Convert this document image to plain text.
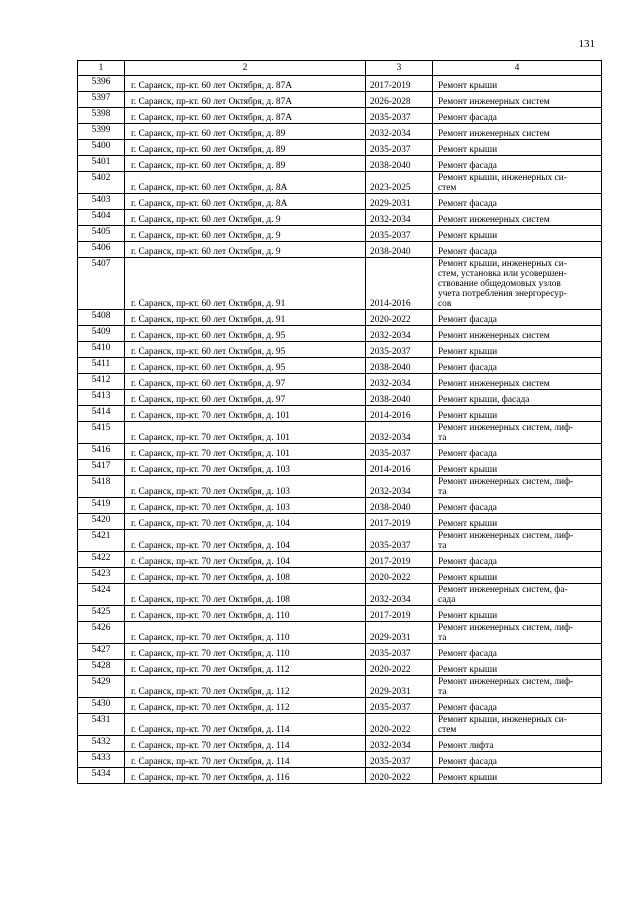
131
1	2	3	4
5396	г. Саранск, пр-кт. 60 лет Октября, д. 87А	2017-2019	Ремонт крыши
5397	г. Саранск, пр-кт. 60 лет Октября, д. 87А	2026-2028	Ремонт инженерных систем
5398	г. Саранск, пр-кт. 60 лет Октября, д. 87А	2035-2037	Ремонт фасада
5399	г. Саранск, пр-кт. 60 лет Октября, д. 89	2032-2034	Ремонт инженерных систем
5400	г. Саранск, пр-кт. 60 лет Октября, д. 89	2035-2037	Ремонт крыши
5401	г. Саранск, пр-кт. 60 лет Октября, д. 89	2038-2040	Ремонт фасада
5402	г. Саранск, пр-кт. 60 лет Октября, д. 8А	2023-2025	Ремонт крыши, инженерных си-
стем
5403	г. Саранск, пр-кт. 60 лет Октября, д. 8А	2029-2031	Ремонт фасада
5404	г. Саранск, пр-кт. 60 лет Октября, д. 9	2032-2034	Ремонт инженерных систем
5405	г. Саранск, пр-кт. 60 лет Октября, д. 9	2035-2037	Ремонт крыши
5406	г. Саранск, пр-кт. 60 лет Октября, д. 9	2038-2040	Ремонт фасада
5407	г. Саранск, пр-кт. 60 лет Октября, д. 91	2014-2016	Ремонт крыши, инженерных си-
стем, установка или усовершен-
ствование общедомовых узлов
учета потребления энергоресур-
сов
5408	г. Саранск, пр-кт. 60 лет Октября, д. 91	2020-2022	Ремонт фасада
5409	г. Саранск, пр-кт. 60 лет Октября, д. 95	2032-2034	Ремонт инженерных систем
5410	г. Саранск, пр-кт. 60 лет Октября, д. 95	2035-2037	Ремонт крыши
5411	г. Саранск, пр-кт. 60 лет Октября, д. 95	2038-2040	Ремонт фасада
5412	г. Саранск, пр-кт. 60 лет Октября, д. 97	2032-2034	Ремонт инженерных систем
5413	г. Саранск, пр-кт. 60 лет Октября, д. 97	2038-2040	Ремонт крыши, фасада
5414	г. Саранск, пр-кт. 70 лет Октября, д. 101	2014-2016	Ремонт крыши
5415	г. Саранск, пр-кт. 70 лет Октября, д. 101	2032-2034	Ремонт инженерных систем, лиф-
та
5416	г. Саранск, пр-кт. 70 лет Октября, д. 101	2035-2037	Ремонт фасада
5417	г. Саранск, пр-кт. 70 лет Октября, д. 103	2014-2016	Ремонт крыши
5418	г. Саранск, пр-кт. 70 лет Октября, д. 103	2032-2034	Ремонт инженерных систем, лиф-
та
5419	г. Саранск, пр-кт. 70 лет Октября, д. 103	2038-2040	Ремонт фасада
5420	г. Саранск, пр-кт. 70 лет Октября, д. 104	2017-2019	Ремонт крыши
5421	г. Саранск, пр-кт. 70 лет Октября, д. 104	2035-2037	Ремонт инженерных систем, лиф-
та
5422	г. Саранск, пр-кт. 70 лет Октября, д. 104	2017-2019	Ремонт фасада
5423	г. Саранск, пр-кт. 70 лет Октября, д. 108	2020-2022	Ремонт крыши
5424	г. Саранск, пр-кт. 70 лет Октября, д. 108	2032-2034	Ремонт инженерных систем, фа-
сада
5425	г. Саранск, пр-кт. 70 лет Октября, д. 110	2017-2019	Ремонт крыши
5426	г. Саранск, пр-кт. 70 лет Октября, д. 110	2029-2031	Ремонт инженерных систем, лиф-
та
5427	г. Саранск, пр-кт. 70 лет Октября, д. 110	2035-2037	Ремонт фасада
5428	г. Саранск, пр-кт. 70 лет Октября, д. 112	2020-2022	Ремонт крыши
5429	г. Саранск, пр-кт. 70 лет Октября, д. 112	2029-2031	Ремонт инженерных систем, лиф-
та
5430	г. Саранск, пр-кт. 70 лет Октября, д. 112	2035-2037	Ремонт фасада
5431	г. Саранск, пр-кт. 70 лет Октября, д. 114	2020-2022	Ремонт крыши, инженерных си-
стем
5432	г. Саранск, пр-кт. 70 лет Октября, д. 114	2032-2034	Ремонт лифта
5433	г. Саранск, пр-кт. 70 лет Октября, д. 114	2035-2037	Ремонт фасада
5434	г. Саранск, пр-кт. 70 лет Октября, д. 116	2020-2022	Ремонт крыши
